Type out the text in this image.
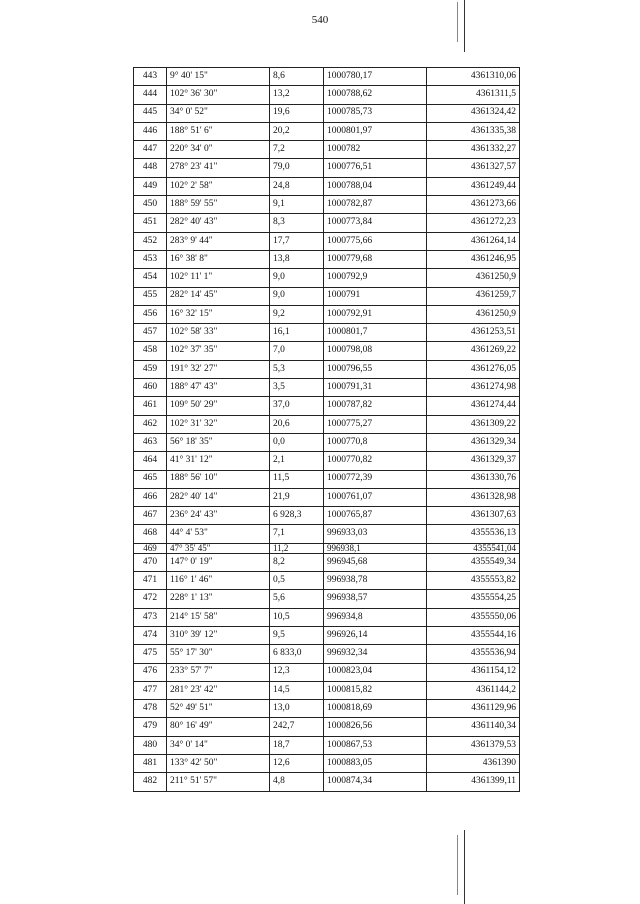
540
443	9° 40' 15"	8,6	1000780,17	4361310,06
444	102° 36' 30"	13,2	1000788,62	4361311,5
445	34° 0' 52"	19,6	1000785,73	4361324,42
446	188° 51' 6"	20,2	1000801,97	4361335,38
447	220° 34' 0"	7,2	1000782	4361332,27
448	278° 23' 41"	79,0	1000776,51	4361327,57
449	102° 2' 58"	24,8	1000788,04	4361249,44
450	188° 59' 55"	9,1	1000782,87	4361273,66
451	282° 40' 43"	8,3	1000773,84	4361272,23
452	283° 9' 44"	17,7	1000775,66	4361264,14
453	16° 38' 8"	13,8	1000779,68	4361246,95
454	102° 11' 1"	9,0	1000792,9	4361250,9
455	282° 14' 45"	9,0	1000791	4361259,7
456	16° 32' 15"	9,2	1000792,91	4361250,9
457	102° 58' 33"	16,1	1000801,7	4361253,51
458	102° 37' 35"	7,0	1000798,08	4361269,22
459	191° 32' 27"	5,3	1000796,55	4361276,05
460	188° 47' 43"	3,5	1000791,31	4361274,98
461	109° 50' 29"	37,0	1000787,82	4361274,44
462	102° 31' 32"	20,6	1000775,27	4361309,22
463	56° 18' 35"	0,0	1000770,8	4361329,34
464	41° 31' 12"	2,1	1000770,82	4361329,37
465	188° 56' 10"	11,5	1000772,39	4361330,76
466	282° 40' 14"	21,9	1000761,07	4361328,98
467	236° 24' 43"	6 928,3	1000765,87	4361307,63
468	44° 4' 53"	7,1	996933,03	4355536,13
469	47° 35' 45"	11,2	996938,1	4355541,04
470	147° 0' 19"	8,2	996945,68	4355549,34
471	116° 1' 46"	0,5	996938,78	4355553,82
472	228° 1' 13"	5,6	996938,57	4355554,25
473	214° 15' 58"	10,5	996934,8	4355550,06
474	310° 39' 12"	9,5	996926,14	4355544,16
475	55° 17' 30"	6 833,0	996932,34	4355536,94
476	233° 57' 7"	12,3	1000823,04	4361154,12
477	281° 23' 42"	14,5	1000815,82	4361144,2
478	52° 49' 51"	13,0	1000818,69	4361129,96
479	80° 16' 49"	242,7	1000826,56	4361140,34
480	34° 0' 14"	18,7	1000867,53	4361379,53
481	133° 42' 50"	12,6	1000883,05	4361390
482	211° 51' 57"	4,8	1000874,34	4361399,11
